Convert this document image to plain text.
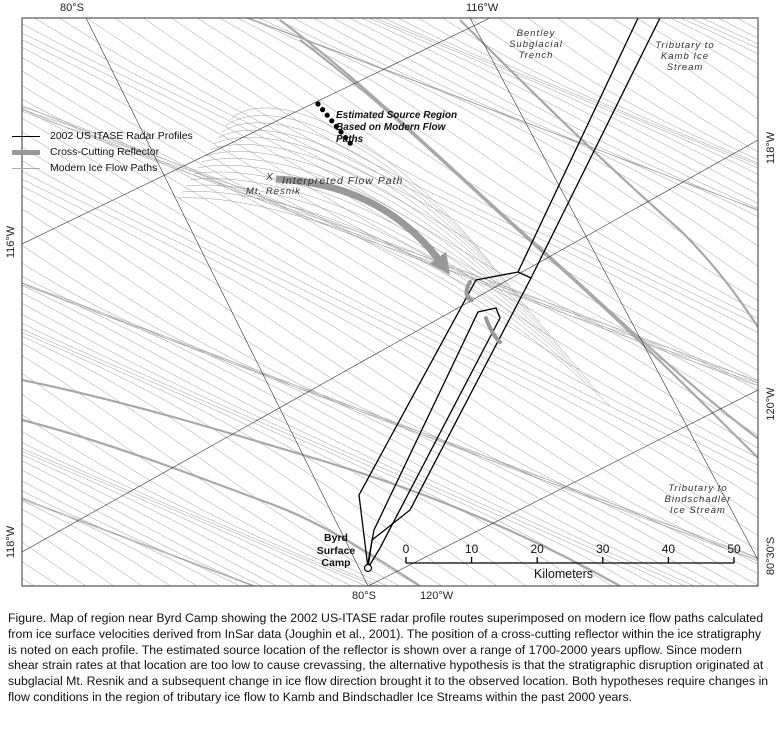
80°S	116°W
80°S	120°W
116°W
118°W
118°W
120°W
80°30'S
Bentley Subglacial Trench
Tributary to Kamb Ice Stream
Tributary to Bindschadler Ice Stream
X
Mt. Resnik
Interpreted Flow Path
Estimated Source Region Based on Modern Flow Paths
Byrd Surface Camp
2002 US ITASE Radar Profiles
Cross-Cutting Reflector
Modern Ice Flow Paths
0	10	20	30	40	50
Kilometers
Figure. Map of region near Byrd Camp showing the 2002 US-ITASE radar profile routes superimposed on modern ice flow paths calculated from ice surface velocities derived from InSar data (Joughin et al., 2001). The position of a cross-cutting reflector within the ice stratigraphy is noted on each profile. The estimated source location of the reflector is shown over a range of 1700-2000 years upflow. Since modern shear strain rates at that location are too low to cause crevassing, the alternative hypothesis is that the stratigraphic disruption originated at subglacial Mt. Resnik and a subsequent change in ice flow direction brought it to the observed location. Both hypotheses require changes in flow conditions in the region of tributary ice flow to Kamb and Bindschadler Ice Streams within the past 2000 years.
